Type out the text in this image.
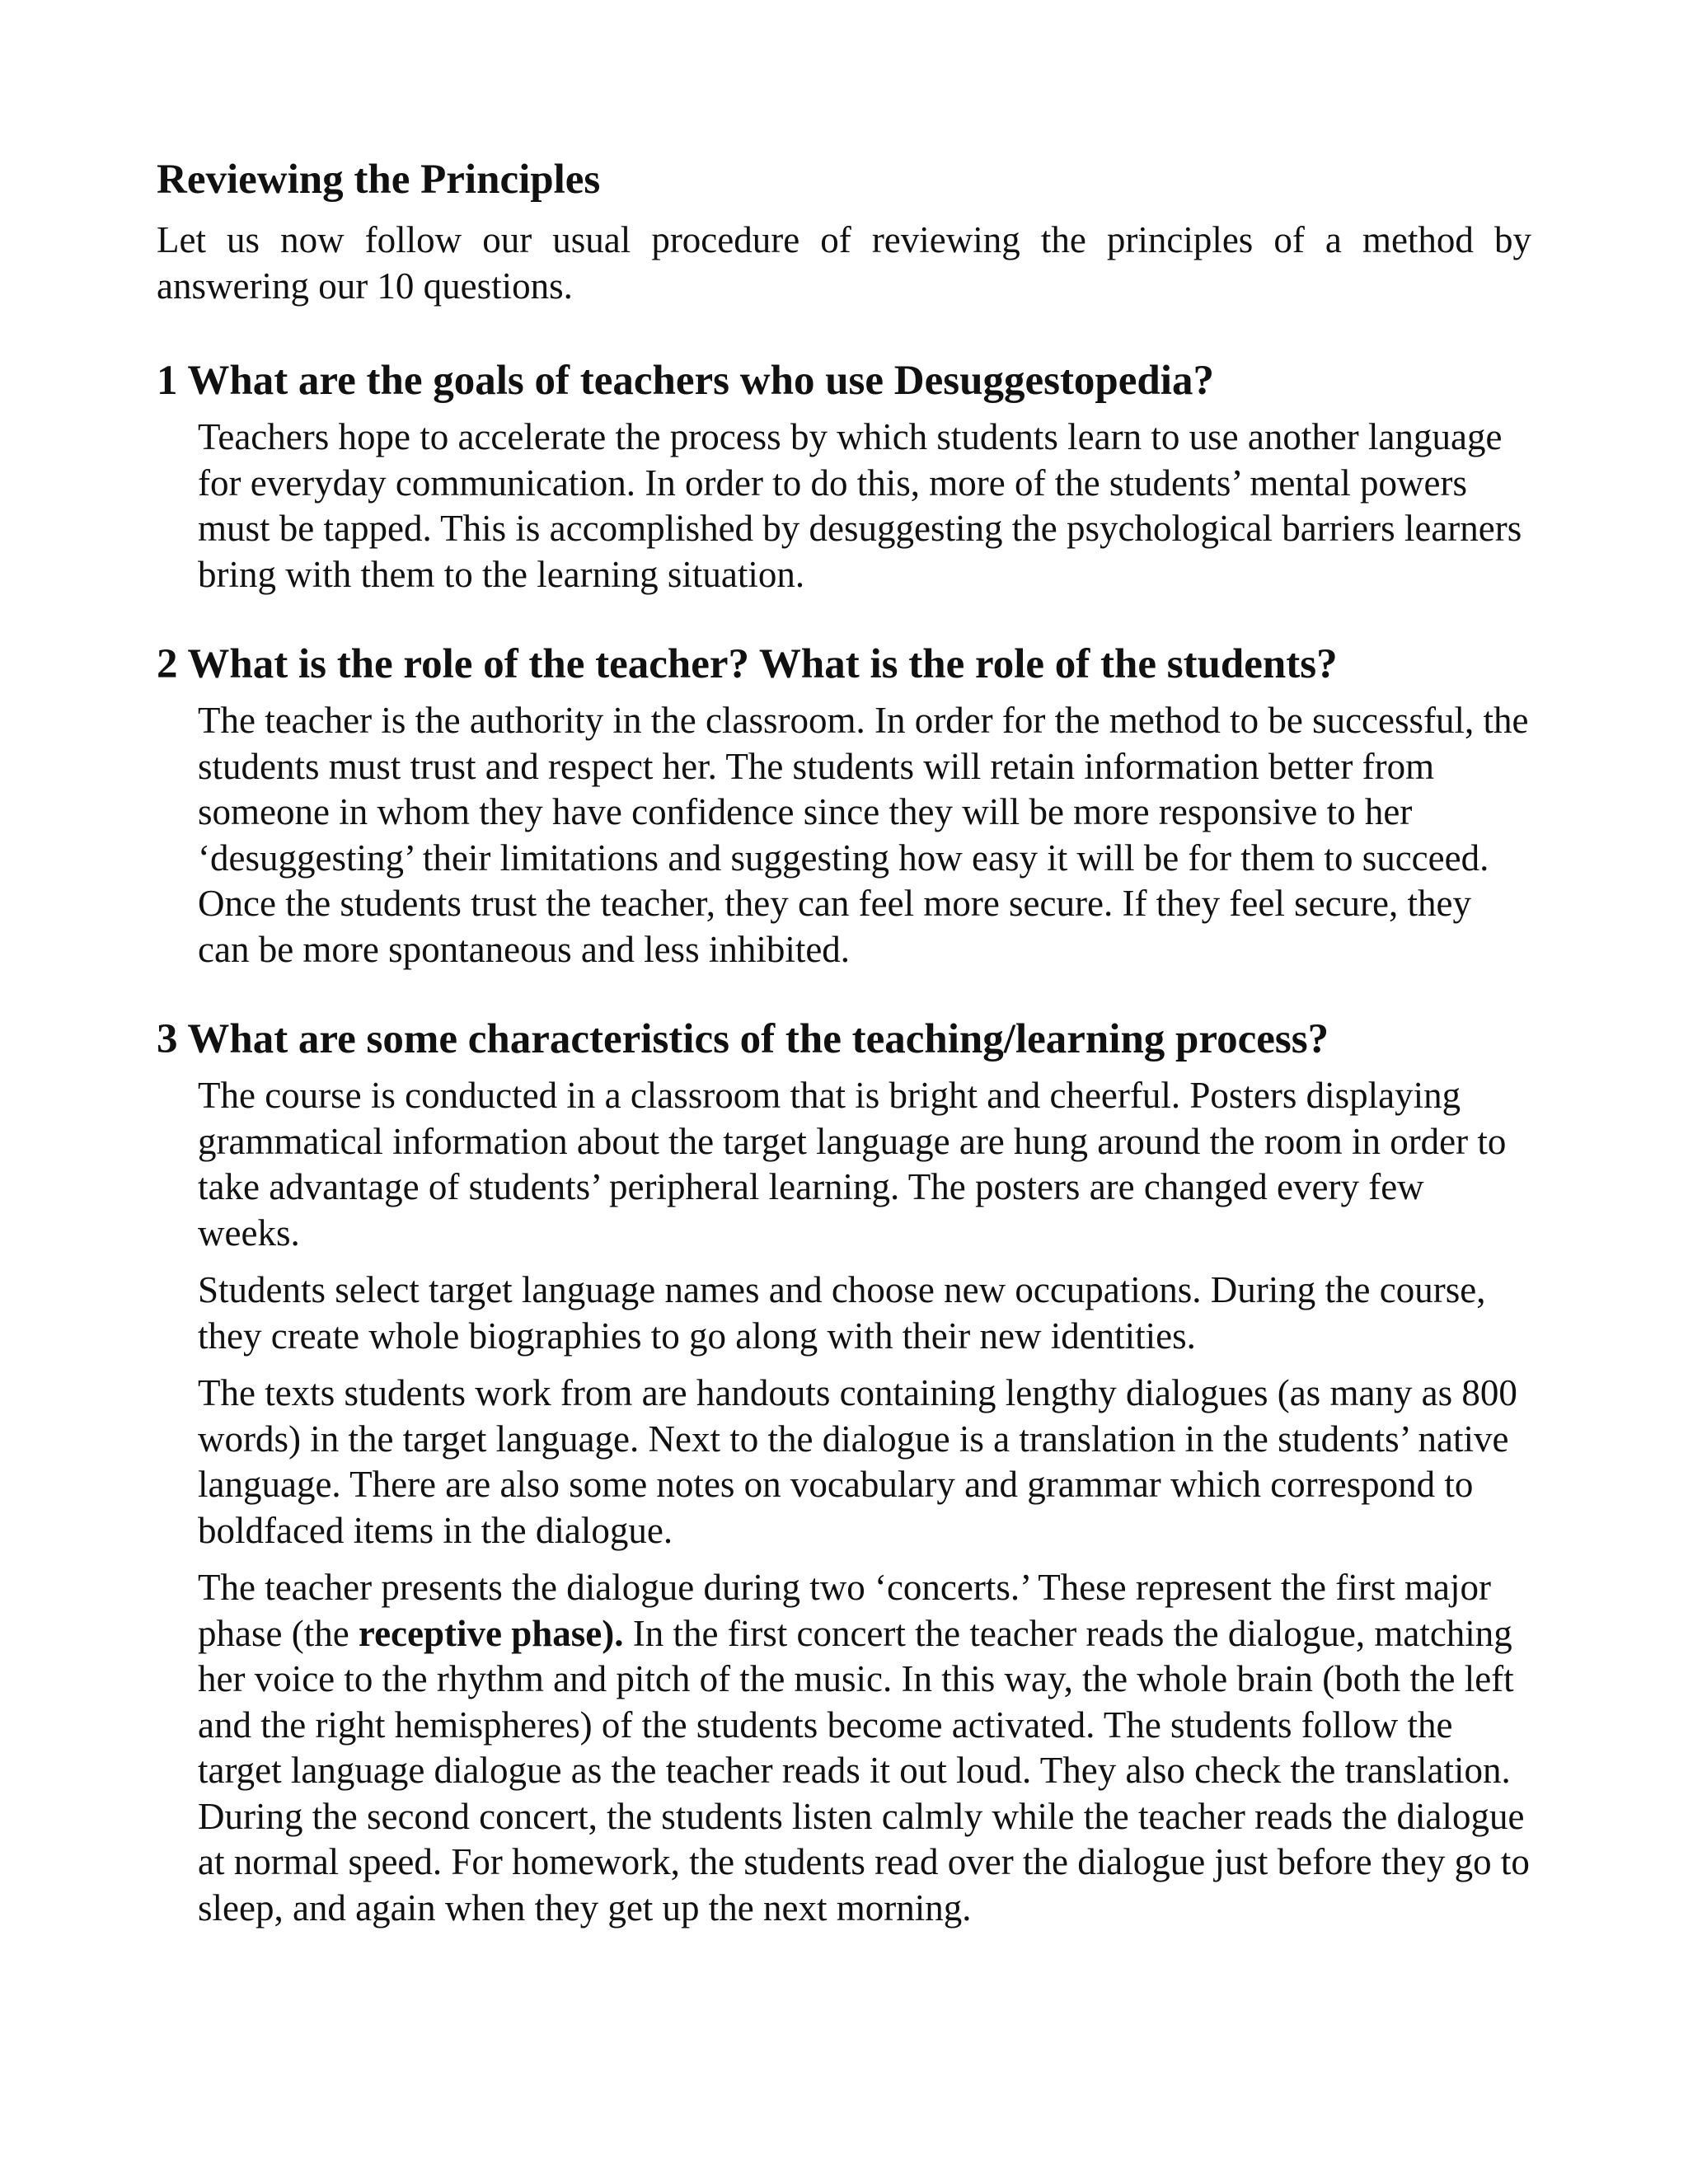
Reviewing the Principles

Let us now follow our usual procedure of reviewing the principles of a method by answering our 10 questions.

1 What are the goals of teachers who use Desuggestopedia?

Teachers hope to accelerate the process by which students learn to use another language for everyday communication. In order to do this, more of the students’ mental powers must be tapped. This is accomplished by desuggesting the psychological barriers learners bring with them to the learning situation.

2 What is the role of the teacher? What is the role of the students?

The teacher is the authority in the classroom. In order for the method to be successful, the students must trust and respect her. The students will retain information better from someone in whom they have confidence since they will be more responsive to her ‘desuggesting’ their limitations and suggesting how easy it will be for them to succeed. Once the students trust the teacher, they can feel more secure. If they feel secure, they can be more spontaneous and less inhibited.

3 What are some characteristics of the teaching/learning process?

The course is conducted in a classroom that is bright and cheerful. Posters displaying grammatical information about the target language are hung around the room in order to take advantage of students’ peripheral learning. The posters are changed every few weeks.

Students select target language names and choose new occupations. During the course, they create whole biographies to go along with their new identities.

The texts students work from are handouts containing lengthy dialogues (as many as 800 words) in the target language. Next to the dialogue is a translation in the students’ native language. There are also some notes on vocabulary and grammar which correspond to boldfaced items in the dialogue.

The teacher presents the dialogue during two ‘concerts.’ These represent the first major phase (the receptive phase). In the first concert the teacher reads the dialogue, matching her voice to the rhythm and pitch of the music. In this way, the whole brain (both the left and the right hemispheres) of the students become activated. The students follow the target language dialogue as the teacher reads it out loud. They also check the translation. During the second concert, the students listen calmly while the teacher reads the dialogue at normal speed. For homework, the students read over the dialogue just before they go to sleep, and again when they get up the next morning.
